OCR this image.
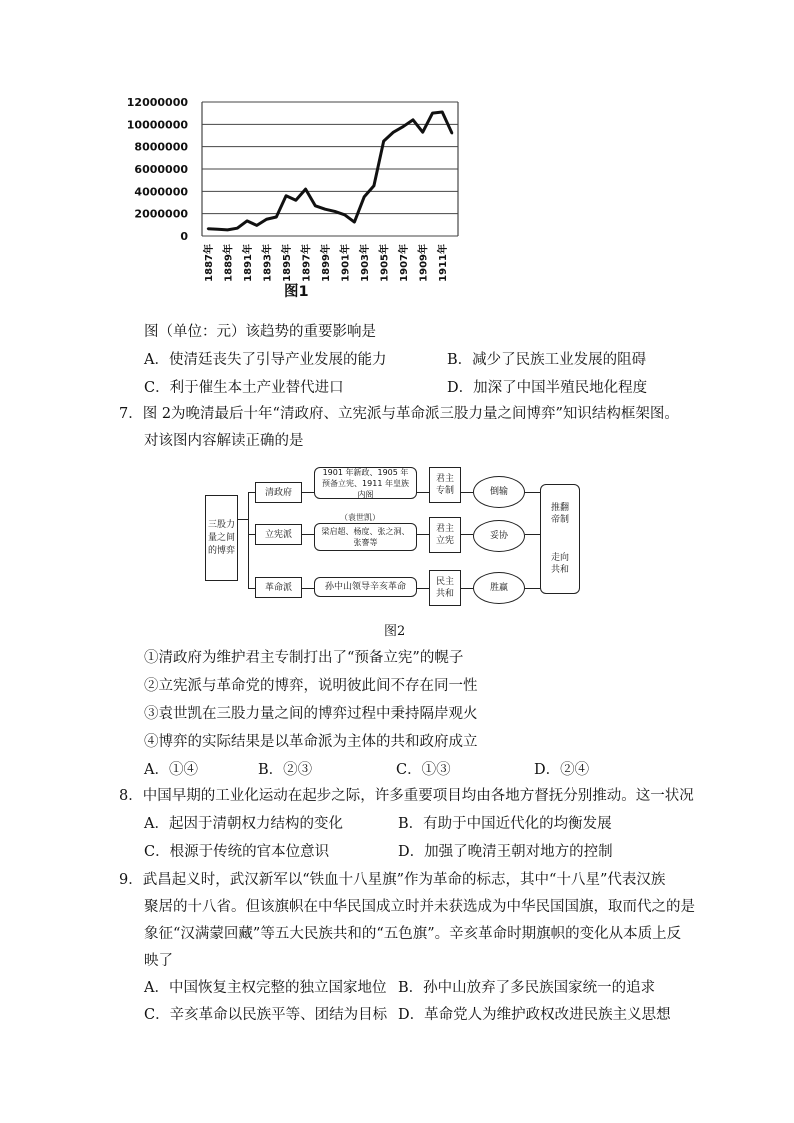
0
2000000
4000000
6000000
8000000
10000000
12000000
1887年 1889年 1891年 1893年 1895年 1897年 1899年 1901年 1903年 1905年 1907年 1909年 1911年
图1
图（单位：元）该趋势的重要影响是
A．使清廷丧失了引导产业发展的能力	B．减少了民族工业发展的阻碍
C．利于催生本土产业替代进口	D．加深了中国半殖民地化程度
7．图 2为晚清最后十年“清政府、立宪派与革命派三股力量之间博弈”知识结构框架图。
对该图内容解读正确的是
三股力量之间的博弈
清政府
1901 年新政、1905 年预备立宪、1911 年皇族内阁
君主专制	倒输
（袁世凯）
立宪派	梁启超、杨度、张之洞、张謇等
君主立宪	妥协
革命派	孙中山领导辛亥革命	民主共和
胜赢
推翻帝制
走向共和
图2
①清政府为维护君主专制打出了“预备立宪”的幌子
②立宪派与革命党的博弈，说明彼此间不存在同一性
③袁世凯在三股力量之间的博弈过程中秉持隔岸观火
④博弈的实际结果是以革命派为主体的共和政府成立
A．①④	B．②③	C．①③	D．②④
8．中国早期的工业化运动在起步之际，许多重要项目均由各地方督抚分别推动。这一状况
A．起因于清朝权力结构的变化	B．有助于中国近代化的均衡发展
C．根源于传统的官本位意识	D．加强了晚清王朝对地方的控制
9．武昌起义时，武汉新军以“铁血十八星旗”作为革命的标志，其中“十八星”代表汉族
聚居的十八省。但该旗帜在中华民国成立时并未获选成为中华民国国旗，取而代之的是
象征“汉满蒙回藏”等五大民族共和的“五色旗”。辛亥革命时期旗帜的变化从本质上反
映了
A．中国恢复主权完整的独立国家地位 B．孙中山放弃了多民族国家统一的追求
C．辛亥革命以民族平等、团结为目标 D．革命党人为维护政权改进民族主义思想
